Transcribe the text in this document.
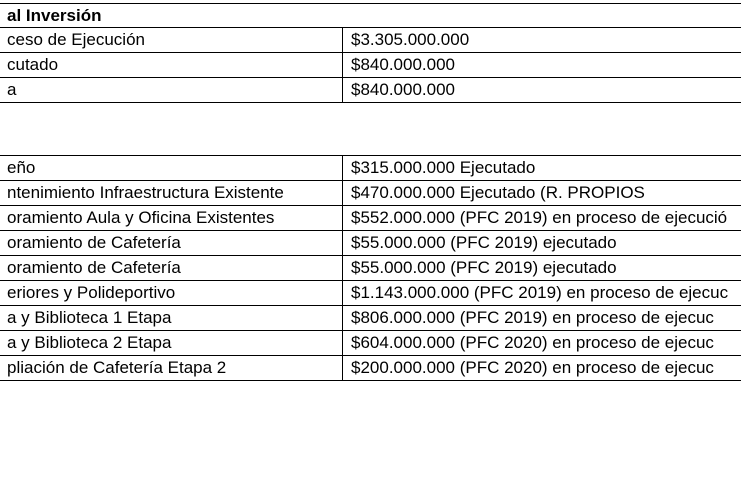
al Inversión	
ceso de Ejecución	$3.305.000.000
cutado	$840.000.000
a	$840.000.000
eño	$315.000.000 Ejecutado
ntenimiento Infraestructura Existente	$470.000.000 Ejecutado (R. PROPIOS
oramiento Aula y Oficina Existentes	$552.000.000 (PFC 2019) en proceso de ejecució
oramiento de Cafetería	$55.000.000 (PFC 2019) ejecutado
oramiento de Cafetería	$55.000.000 (PFC 2019) ejecutado
eriores y Polideportivo	$1.143.000.000 (PFC 2019) en proceso de ejecuc
a y Biblioteca 1 Etapa	$806.000.000 (PFC 2019) en proceso de ejecuc
a y Biblioteca 2 Etapa	$604.000.000 (PFC 2020) en proceso de ejecuc
pliación de Cafetería Etapa 2	$200.000.000 (PFC 2020) en proceso de ejecuc
